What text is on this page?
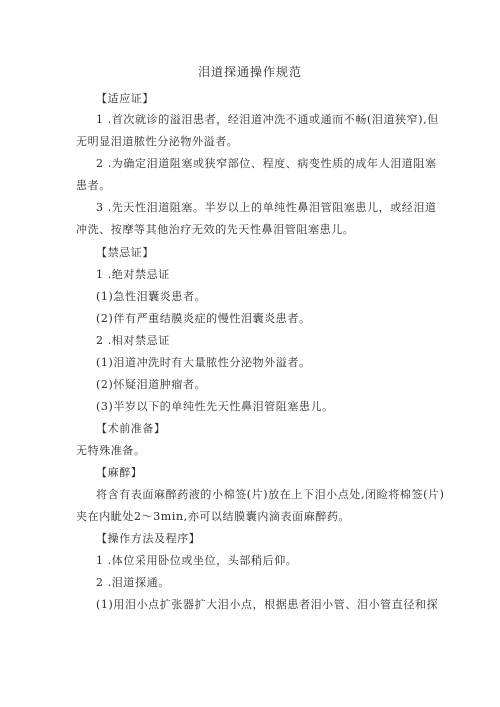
泪道探通操作规范
【适应证】
1 .首次就诊的溢泪患者，经泪道冲洗不通或通而不畅(泪道狭窄),但
无明显泪道脓性分泌物外溢者。
2 .为确定泪道阻塞或狭窄部位、程度、病变性质的成年人泪道阻塞
患者。
3 .先天性泪道阻塞。半岁以上的单纯性鼻泪管阻塞患儿，或经泪道
冲洗、按摩等其他治疗无效的先天性鼻泪管阻塞患儿。
【禁忌证】
1 .绝对禁忌证
(1)急性泪囊炎患者。
(2)伴有严重结膜炎症的慢性泪囊炎患者。
2 .相对禁忌证
(1)泪道冲洗时有大量脓性分泌物外溢者。
(2)怀疑泪道肿瘤者。
(3)半岁以下的单纯性先天性鼻泪管阻塞患儿。
【术前准备】
无特殊准备。
【麻醉】
将含有表面麻醉药液的小棉签(片)放在上下泪小点处,闭睑将棉签(片)
夹在内眦处2〜3min,亦可以结膜囊内滴表面麻醉药。
【操作方法及程序】
1 .体位采用卧位或坐位，头部稍后仰。
2 .泪道探通。
(1)用泪小点扩张器扩大泪小点，根据患者泪小管、泪小管直径和探
